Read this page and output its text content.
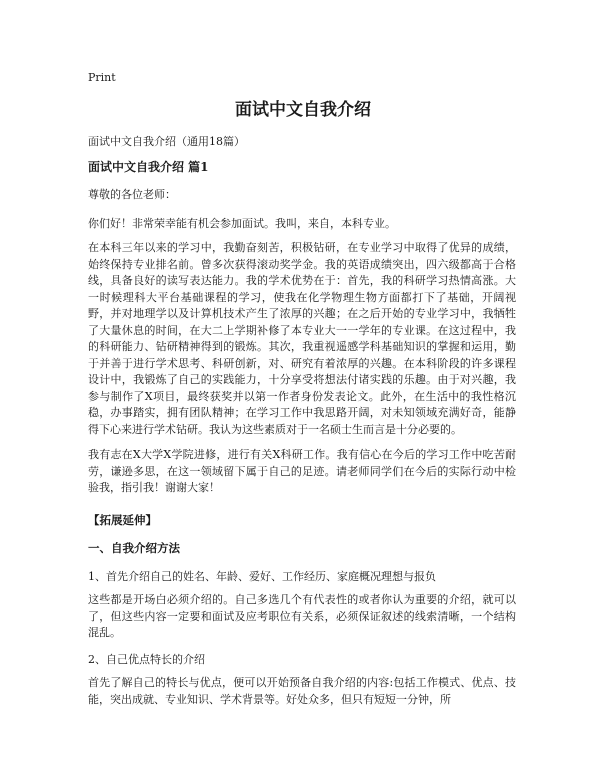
Print
面试中文自我介绍
面试中文自我介绍（通用18篇）
面试中文自我介绍 篇1
尊敬的各位老师：
你们好！非常荣幸能有机会参加面试。我叫，来自，本科专业。
在本科三年以来的学习中，我勤奋刻苦，积极钻研，在专业学习中取得了优异的成绩，始终保持专业排名前。曾多次获得滚动奖学金。我的英语成绩突出，四六级都高于合格线，具备良好的读写表达能力。我的学术优势在于：首先，我的科研学习热情高涨。大一时候理科大平台基础课程的学习，使我在化学物理生物方面都打下了基础，开阔视野，并对地理学以及计算机技术产生了浓厚的兴趣；在之后开始的专业学习中，我牺牲了大量休息的时间，在大二上学期补修了本专业大一一学年的专业课。在这过程中，我的科研能力、钻研精神得到的锻炼。其次，我重视遥感学科基础知识的掌握和运用，勤于并善于进行学术思考、科研创新，对、研究有着浓厚的兴趣。在本科阶段的许多课程设计中，我锻炼了自己的实践能力，十分享受将想法付诸实践的乐趣。由于对兴趣，我参与制作了X项目，最终获奖并以第一作者身份发表论文。此外，在生活中的我性格沉稳，办事踏实，拥有团队精神；在学习工作中我思路开阔，对未知领域充满好奇，能静得下心来进行学术钻研。我认为这些素质对于一名硕士生而言是十分必要的。
我有志在X大学X学院进修，进行有关X科研工作。我有信心在今后的学习工作中吃苦耐劳，谦逊多思，在这一领域留下属于自己的足迹。请老师同学们在今后的实际行动中检验我，指引我！谢谢大家！
【拓展延伸】
一、自我介绍方法
1、首先介绍自己的姓名、年龄、爱好、工作经历、家庭概况理想与报负
这些都是开场白必须介绍的。自己多选几个有代表性的或者你认为重要的介绍，就可以了，但这些内容一定要和面试及应考职位有关系，必须保证叙述的线索清晰，一个结构混乱。
2、自己优点特长的介绍
首先了解自己的特长与优点，便可以开始预备自我介绍的内容:包括工作模式、优点、技能，突出成就、专业知识、学术背景等。好处众多，但只有短短一分钟，所
